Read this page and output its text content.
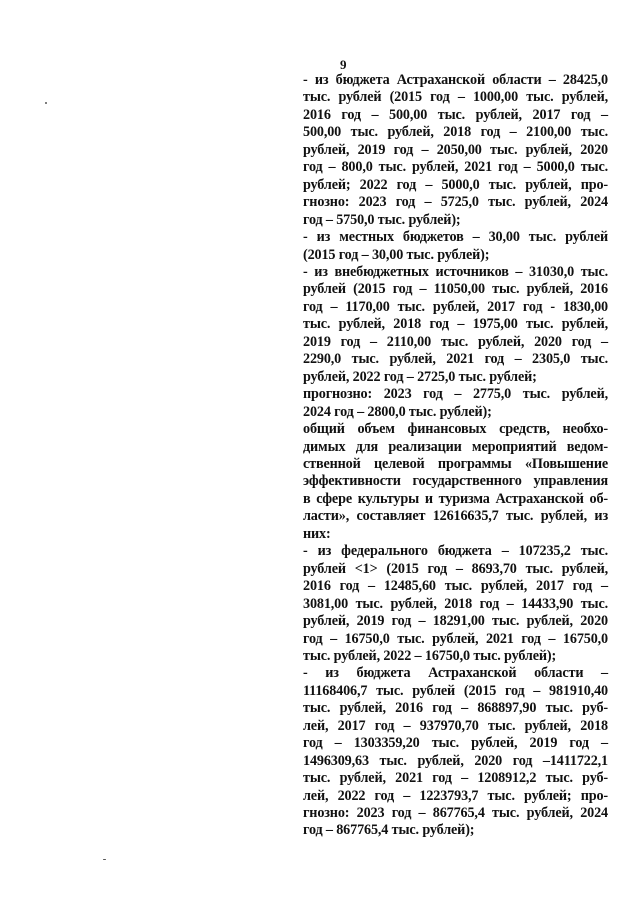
9
- из бюджета Астраханской области – 28425,0
тыс. рублей (2015 год – 1000,00 тыс. рублей,
2016 год – 500,00 тыс. рублей, 2017 год –
500,00 тыс. рублей, 2018 год – 2100,00 тыс.
рублей, 2019 год – 2050,00 тыс. рублей, 2020
год – 800,0 тыс. рублей, 2021 год – 5000,0 тыс.
рублей; 2022 год – 5000,0 тыс. рублей, про-
гнозно: 2023 год – 5725,0 тыс. рублей, 2024
год – 5750,0 тыс. рублей);
- из местных бюджетов – 30,00 тыс. рублей
(2015 год – 30,00 тыс. рублей);
- из внебюджетных источников – 31030,0 тыс.
рублей (2015 год – 11050,00 тыс. рублей, 2016
год – 1170,00 тыс. рублей, 2017 год - 1830,00
тыс. рублей, 2018 год – 1975,00 тыс. рублей,
2019 год – 2110,00 тыс. рублей, 2020 год –
2290,0 тыс. рублей, 2021 год – 2305,0 тыс.
рублей, 2022 год – 2725,0 тыс. рублей;
прогнозно: 2023 год – 2775,0 тыс. рублей,
2024 год – 2800,0 тыс. рублей);
общий объем финансовых средств, необхо-
димых для реализации мероприятий ведом-
ственной целевой программы «Повышение
эффективности государственного управления
в сфере культуры и туризма Астраханской об-
ласти», составляет 12616635,7 тыс. рублей, из
них:
- из федерального бюджета – 107235,2 тыс.
рублей <1> (2015 год – 8693,70 тыс. рублей,
2016 год – 12485,60 тыс. рублей, 2017 год –
3081,00 тыс. рублей, 2018 год – 14433,90 тыс.
рублей, 2019 год – 18291,00 тыс. рублей, 2020
год – 16750,0 тыс. рублей, 2021 год – 16750,0
тыс. рублей, 2022 – 16750,0 тыс. рублей);
- из бюджета Астраханской области –
11168406,7 тыс. рублей (2015 год – 981910,40
тыс. рублей, 2016 год – 868897,90 тыс. руб-
лей, 2017 год – 937970,70 тыс. рублей, 2018
год – 1303359,20 тыс. рублей, 2019 год –
1496309,63 тыс. рублей, 2020 год –1411722,1
тыс. рублей, 2021 год – 1208912,2 тыс. руб-
лей, 2022 год – 1223793,7 тыс. рублей; про-
гнозно: 2023 год – 867765,4 тыс. рублей, 2024
год – 867765,4 тыс. рублей);
